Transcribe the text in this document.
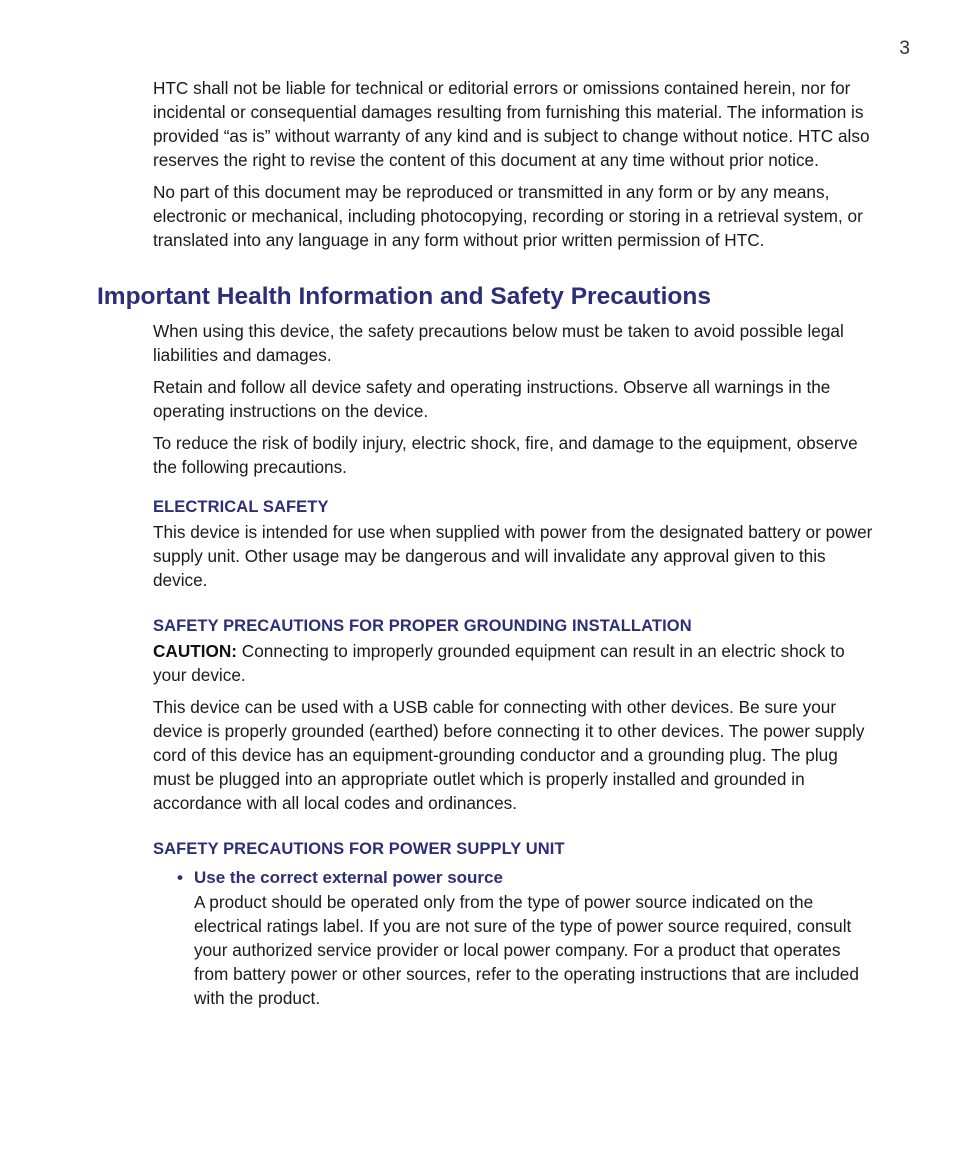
3

HTC shall not be liable for technical or editorial errors or omissions contained herein, nor for incidental or consequential damages resulting from furnishing this material. The information is provided “as is” without warranty of any kind and is subject to change without notice. HTC also reserves the right to revise the content of this document at any time without prior notice.

No part of this document may be reproduced or transmitted in any form or by any means, electronic or mechanical, including photocopying, recording or storing in a retrieval system, or translated into any language in any form without prior written permission of HTC.

Important Health Information and Safety Precautions

When using this device, the safety precautions below must be taken to avoid possible legal liabilities and damages.

Retain and follow all device safety and operating instructions. Observe all warnings in the operating instructions on the device.

To reduce the risk of bodily injury, electric shock, fire, and damage to the equipment, observe the following precautions.

ELECTRICAL SAFETY

This device is intended for use when supplied with power from the designated battery or power supply unit. Other usage may be dangerous and will invalidate any approval given to this device.

SAFETY PRECAUTIONS FOR PROPER GROUNDING INSTALLATION

CAUTION: Connecting to improperly grounded equipment can result in an electric shock to your device.

This device can be used with a USB cable for connecting with other devices. Be sure your device is properly grounded (earthed) before connecting it to other devices. The power supply cord of this device has an equipment-grounding conductor and a grounding plug. The plug must be plugged into an appropriate outlet which is properly installed and grounded in accordance with all local codes and ordinances.

SAFETY PRECAUTIONS FOR POWER SUPPLY UNIT
• Use the correct external power source

A product should be operated only from the type of power source indicated on the electrical ratings label. If you are not sure of the type of power source required, consult your authorized service provider or local power company. For a product that operates from battery power or other sources, refer to the operating instructions that are included with the product.
